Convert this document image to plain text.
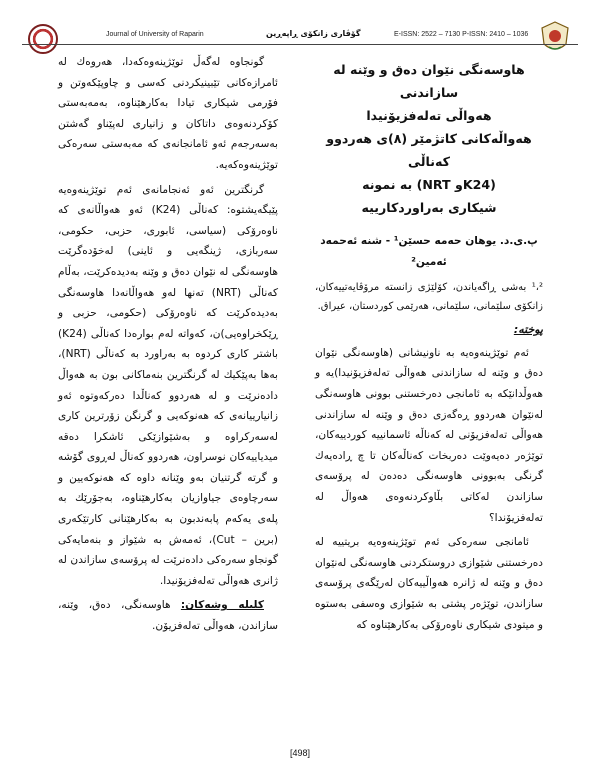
Journal of University of Raparin	گۆڤاری زانكۆی ڕاپەڕین	E-ISSN: 2522 – 7130 P-ISSN: 2410 – 1036
هاوسەنگی نێوان دەق و وێنە لە سازاندنی
هەواڵی تەلەفزیۆنیدا
هەواڵەكانی كاتژمێر (٨)ی هەردوو كەناڵی
(K24و NRT) بە نمونە
شیكاری بەراوردكارییە
پ.ی.د. یوهان حەمە حسێن¹ - شنە ئەحمەد ئەمین²

¹،² بەشی ڕاگەیاندن، كۆلێژی زانستە مرۆڤایەتییەكان، زانكۆی سلێمانی، سلێمانی، هەرێمی كوردستان، عیراق.

پوختە:

ئەم توێژینەوەیە بە ناونیشانی (هاوسەنگی نێوان دەق و وێنە لە سازاندنی هەواڵی تەلەفزیۆنیدا)یە و هەوڵدانێكە بە ئامانجی دەرخستنی بوونی هاوسەنگی لەنێوان هەردوو ڕەگەزی دەق و وێنە لە سازاندنی هەواڵی تەلەفزیۆنی لە كەناڵە ئاسمانییە كوردییەكان، توێژەر دەیەوێت دەربخات كەناڵەكان تا چ ڕادەیەك گرنگی بەبوونی هاوسەنگی دەدەن لە پرۆسەی سازاندن لەكاتی بڵاوكردنەوەی هەواڵ لە تەلەفزیۆندا؟

ئامانجی سەرەكی ئەم توێژینەوەیە بریتییە لە دەرخستنی شێوازی دروستكردنی هاوسەنگی لەنێوان دەق و وێنە لە ژانرە هەواڵییەكان لەرێگەی پرۆسەی سازاندن، توێژەر پشتی بە شێوازی وەسفی بەستوە و میتودی شیكاری ناوەرۆكی بەكارهێناوە كە

گونجاوە لەگەڵ توێژینەوەكەدا، هەروەك لە ئامرازەكانی تێبینیكردنی كەسی و چاوپێكەوتن و فۆرمی شیكاری تیادا بەكارهێناوە، بەمەبەستی كۆكردنەوەی داتاكان و زانیاری لەپێناو گەشتن بەسەرجەم ئەو ئامانجانەی كە مەبەستی سەرەكی توێژینەوەكەیە.

گرنگترین ئەو ئەنجامانەی ئەم توێژینەوەیە پێیگەیشتوە: كەناڵی (K24) ئەو هەواڵانەی كە ناوەرۆكی (سیاسی، ئابوری، حزبی، حكومی، سەربازی، ژینگەیی و ئاینی) لەخۆدەگرێت هاوسەنگی لە نێوان دەق و وێنە بەدیدەكرێت، بەڵام كەناڵی (NRT) تەنها لەو هەواڵانەدا هاوسەنگی بەدیدەكرێت كە ناوەرۆكی (حكومی، حزبی و ڕێكخراوەیی)ن، كەواتە لەم بوارەدا كەناڵی (K24) باشتر كاری كردوە بە بەراورد بە كەناڵی (NRT)، بەها بەپێكیك لە گرنگترین بنەماكانی بون بە هەواڵ دادەنرێت و لە هەردوو كەناڵدا دەركەوتوە ئەو زانیارییانەی كە هەنوكەیی و گرنگن زۆرترین كاری لەسەركراوە و بەشێوازێكی ئاشكرا دەقە میدیاییەكان نوسراون، هەردوو كەناڵ لەڕوی گۆشە و گرتە گرتنیان بەو وێنانە داوە كە هەنوكەیین و سەرچاوەی جیاوازیان بەكارهێناوە، بەجۆرێك بە پلەی یەكەم پابەندبون بە بەكارهێنانی كارتێكەری (برین – Cut)، ئەمەش بە شێواز و بنەمایەكی گونجاو سەرەكی دادەنرێت لە پرۆسەی سازاندن لە ژانری هەواڵی تەلەفزیۆنیدا.

كلیلە وشەكان: هاوسەنگی، دەق، وێنە، سازاندن، هەواڵی تەلەفزیۆن.

[498]
